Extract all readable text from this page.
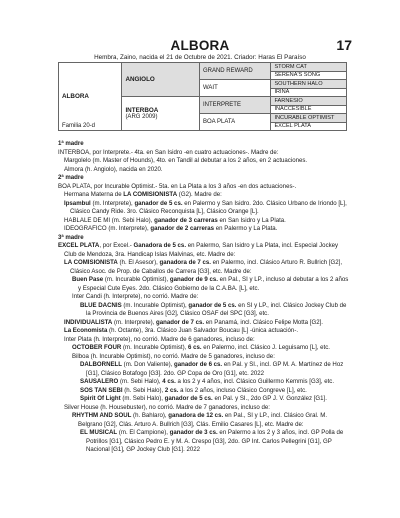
ALBORA	17
Hembra, Zaino, nacida el 21 de Octubre de 2021. Criador: Haras El Paraíso
ALBORA
Familia 20-d	ANGIOLO	GRAND REWARD	STORM CAT
			SERENA'S SONG
		WAIT	SOUTHERN HALO
			IRINA
	INTERBOA
(ARG 2009)	INTERPRETE	FARNESIO
			INACCESIBLE
		BOA PLATA	INCURABLE OPTIMIST
			EXCEL PLATA

1ª madre

INTERBOA, por Interprete.- 4ta. en San Isidro -en cuatro actuaciones-. Madre de:

Margolelo (m. Master of Hounds), 4to. en Tandil al debutar a los 2 años, en 2 actuaciones.

Almora (h. Angiolo), nacida en 2020.

2ª madre

BOA PLATA, por Incurable Optimist.- 5ta. en La Plata a los 3 años -en dos actuaciones-.

Hermana Materna de LA COMISIONISTA (G2). Madre de:

Ipsambul (m. Interprete), ganador de 5 cs. en Palermo y San Isidro. 2do. Clásico Urbano de Iriondo [L], Clásico Candy Ride. 3ro. Clásico Reconquista [L], Clásico Orange [L].

HABLALE DE MI (m. Sebi Halo), ganador de 3 carreras en San Isidro y La Plata.

IDEOGRAFICO (m. Interprete), ganador de 2 carreras en Palermo y La Plata.

3ª madre

EXCEL PLATA, por Excel.- Ganadora de 5 cs. en Palermo, San Isidro y La Plata, incl. Especial Jockey Club de Mendoza, 3ra. Handicap Islas Malvinas, etc. Madre de:

LA COMISIONISTA (h. El Asesor), ganadora de 7 cs. en Palermo, incl. Clásico Arturo R. Bullrich [G2], Clásico Asoc. de Prop. de Caballos de Carrera [G3], etc. Madre de:

Buen Pase (m. Incurable Optimist), ganador de 9 cs. en Pal., SI y LP., incluso al debutar a los 2 años y Especial Cute Eyes. 2do. Clásico Gobierno de la C.A.BA. [L], etc.

Inter Candi (h. Interprete), no corrió. Madre de:

BLUE DACNIS (m. Incurable Optimist), ganador de 5 cs. en SI y LP., incl. Clásico Jockey Club de la Provincia de Buenos Aires [G2], Clásico OSAF del SPC [G3], etc.

INDIVIDUALISTA (m. Interprete), ganador de 7 cs. en Panamá, incl. Clásico Felipe Motta [G2].

La Economista (h. Octante), 3ra. Clásico Juan Salvador Boucau [L] -única actuación-.

Inter Plata (h. Interprete), no corrió. Madre de 6 ganadores, incluso de:

OCTOBER FOUR (m. Incurable Optimist), 6 cs. en Palermo, incl. Clásico J. Leguisamo [L], etc.

Bilboa (h. Incurable Optimist), no corrió. Madre de 5 ganadores, incluso de:

DALBORNELL (m. Don Valiente), ganador de 6 cs. en Pal. y SI., incl. GP M. A. Martínez de Hoz [G1], Clásico Botafogo [G3]. 2do. GP Copa de Oro [G1], etc. 2022

SAUSALERO (m. Sebi Halo), 4 cs. a los 2 y 4 años, incl. Clásico Guillermo Kemmis [G3], etc.

SOS TAN SEBI (h. Sebi Halo), 2 cs. a los 2 años, incluso Clásico Congreve [L], etc.

Spirit Of Light (m. Sebi Halo), ganador de 5 cs. en Pal. y SI., 2do GP J. V. González [G1].

Silver House (h. Housebuster), no corrió. Madre de 7 ganadores, incluso de:

RHYTHM AND SOUL (h. Bahlaro), ganadora de 12 cs. en Pal., SI y LP., incl. Clásico Gral. M. Belgrano [G2], Clás. Arturo A. Bullrich [G3], Clás. Emilio Casares [L], etc. Madre de:

EL MUSICAL (m. El Campione), ganador de 3 cs. en Palermo a los 2 y 3 años, incl. GP Polla de Potrillos [G1], Clásico Pedro E. y M. A. Crespo [G3], 2do. GP Int. Carlos Pellegrini [G1], GP Nacional [G1], GP Jockey Club [G1]. 2022
